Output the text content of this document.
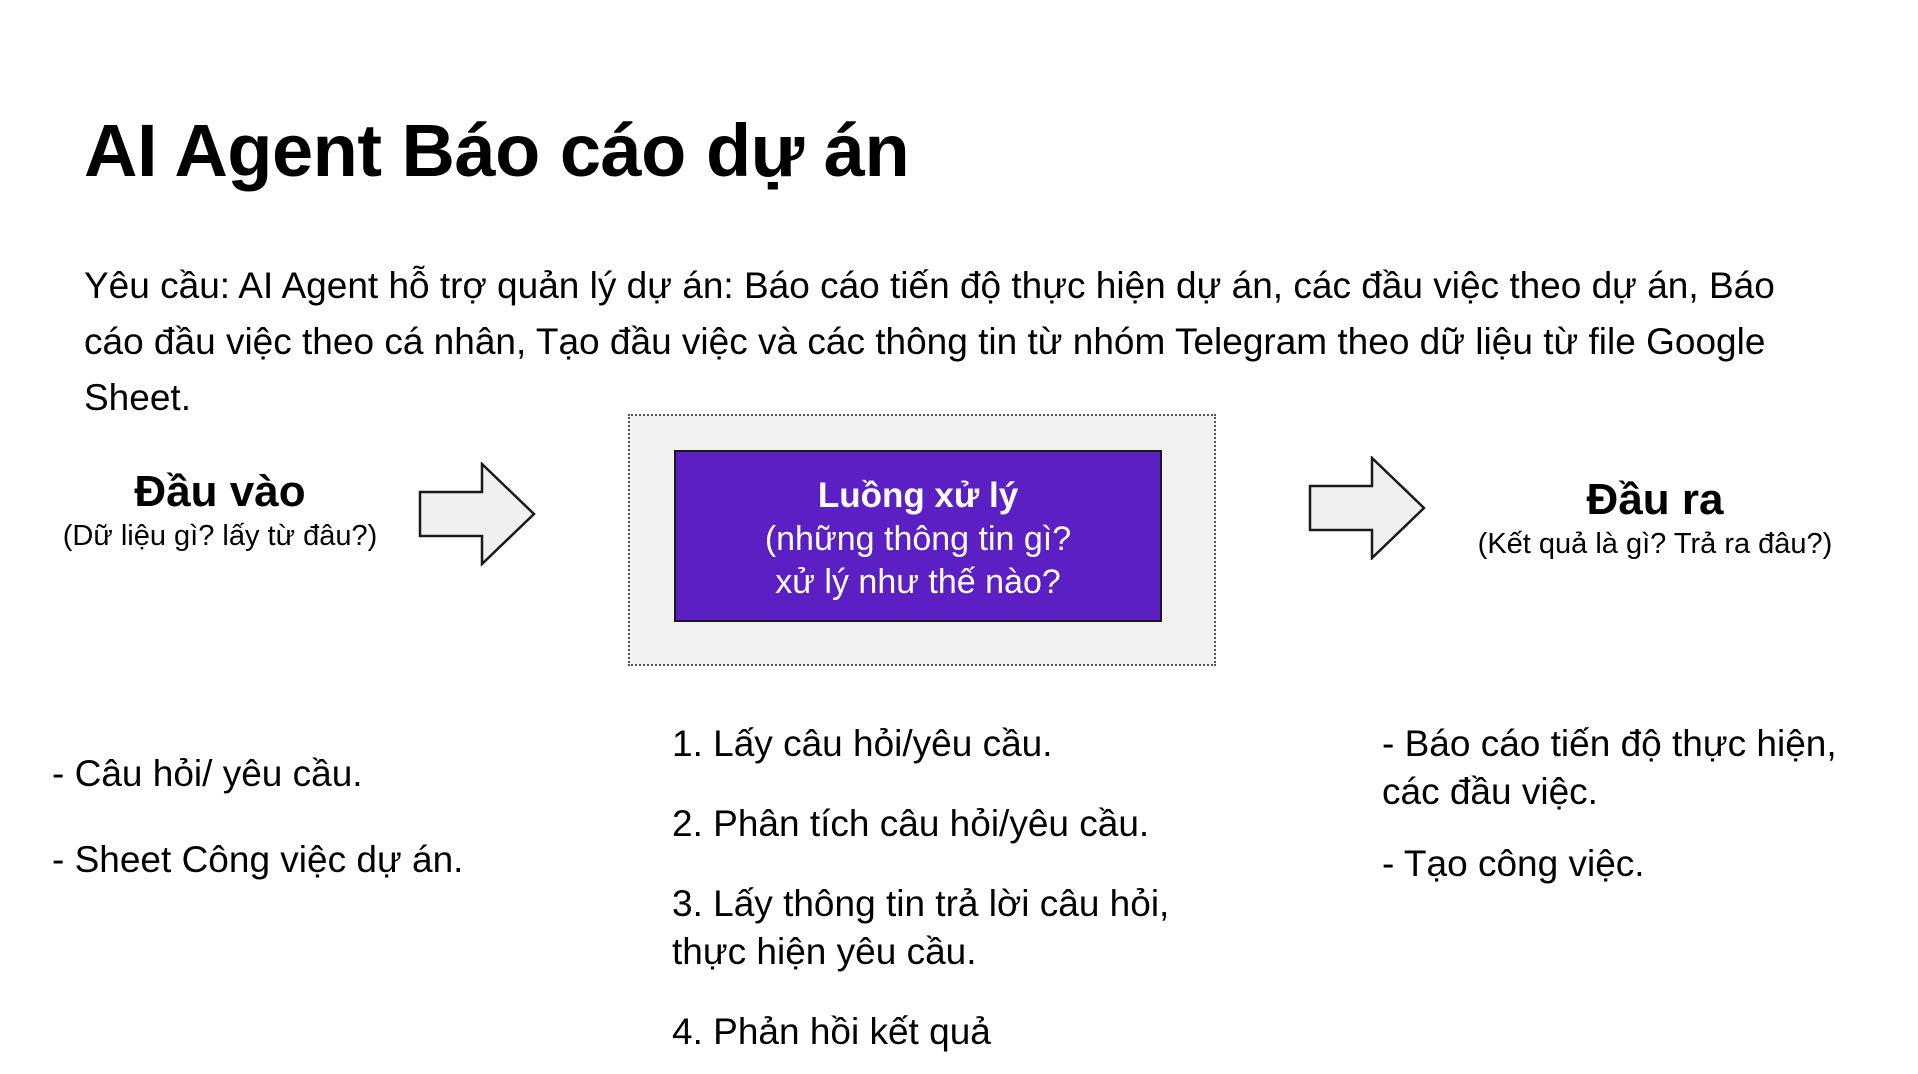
AI Agent Báo cáo dự án
Yêu cầu: AI Agent hỗ trợ quản lý dự án: Báo cáo tiến độ thực hiện dự án, các đầu việc theo dự án, Báo cáo đầu việc theo cá nhân, Tạo đầu việc và các thông tin từ nhóm Telegram theo dữ liệu từ file Google Sheet.
Đầu vào
(Dữ liệu gì? lấy từ đâu?)
Luồng xử lý
(những thông tin gì?
xử lý như thế nào?
Đầu ra
(Kết quả là gì? Trả ra đâu?)

- Câu hỏi/ yêu cầu.

- Sheet Công việc dự án.

1. Lấy câu hỏi/yêu cầu.

2. Phân tích câu hỏi/yêu cầu.

3. Lấy thông tin trả lời câu hỏi, thực hiện yêu cầu.

4. Phản hồi kết quả

- Báo cáo tiến độ thực hiện, các đầu việc.

- Tạo công việc.
